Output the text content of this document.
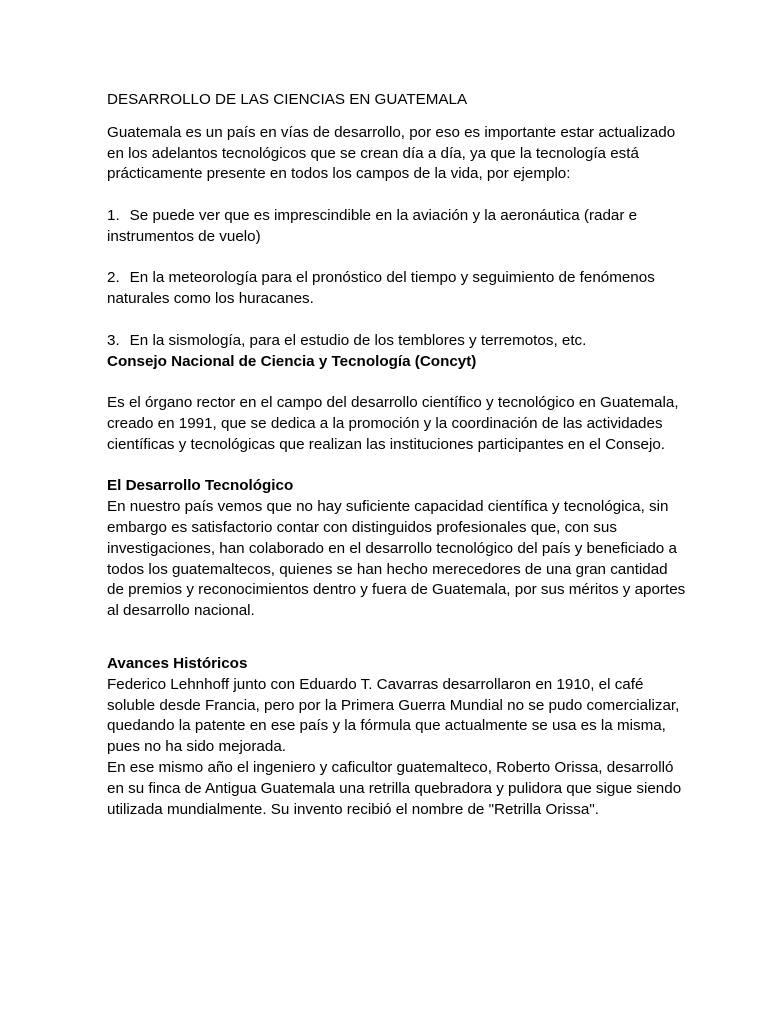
DESARROLLO DE LAS CIENCIAS EN GUATEMALA

Guatemala es un país en vías de desarrollo, por eso es importante estar actualizado en los adelantos tecnológicos que se crean día a día, ya que la tecnología está prácticamente presente en todos los campos de la vida, por ejemplo:

1. Se puede ver que es imprescindible en la aviación y la aeronáutica (radar e instrumentos de vuelo)

2. En la meteorología para el pronóstico del tiempo y seguimiento de fenómenos naturales como los huracanes.

3. En la sismología, para el estudio de los temblores y terremotos, etc.

Consejo Nacional de Ciencia y Tecnología (Concyt)

Es el órgano rector en el campo del desarrollo científico y tecnológico en Guatemala, creado en 1991, que se dedica a la promoción y la coordinación de las actividades científicas y tecnológicas que realizan las instituciones participantes en el Consejo.

El Desarrollo Tecnológico

En nuestro país vemos que no hay suficiente capacidad científica y tecnológica, sin embargo es satisfactorio contar con distinguidos profesionales que, con sus investigaciones, han colaborado en el desarrollo tecnológico del país y beneficiado a todos los guatemaltecos, quienes se han hecho merecedores de una gran cantidad de premios y reconocimientos dentro y fuera de Guatemala, por sus méritos y aportes al desarrollo nacional.

Avances Históricos

Federico Lehnhoff junto con Eduardo T. Cavarras desarrollaron en 1910, el café soluble desde Francia, pero por la Primera Guerra Mundial no se pudo comercializar, quedando la patente en ese país y la fórmula que actualmente se usa es la misma, pues no ha sido mejorada.

En ese mismo año el ingeniero y caficultor guatemalteco, Roberto Orissa, desarrolló en su finca de Antigua Guatemala una retrilla quebradora y pulidora que sigue siendo utilizada mundialmente. Su invento recibió el nombre de "Retrilla Orissa".
